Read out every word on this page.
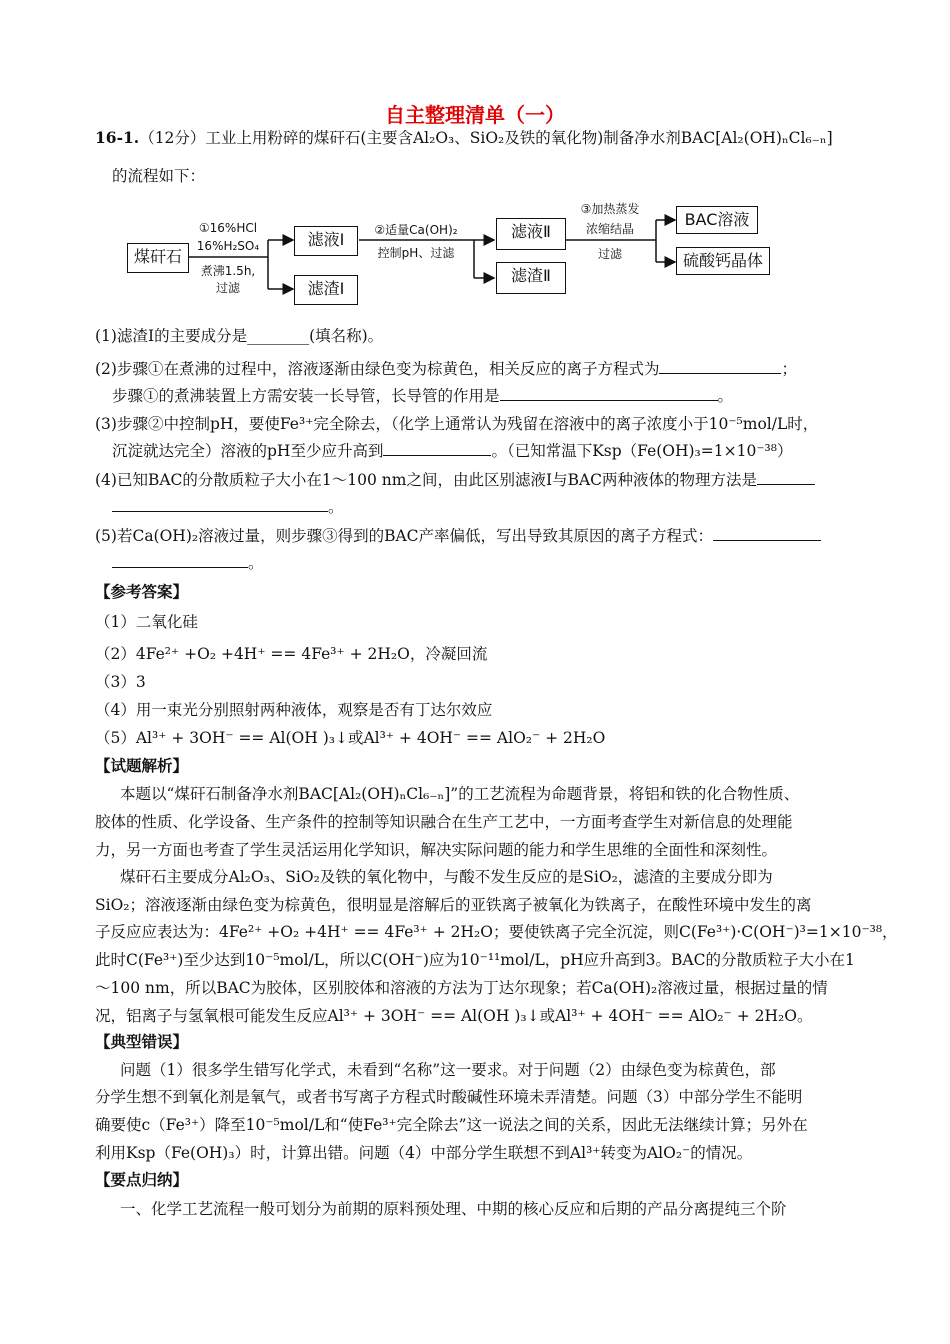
自主整理清单（一）
16-1.（12分）工业上用粉碎的煤矸石(主要含Al₂O₃、SiO₂及铁的氧化物)制备净水剂BAC[Al₂(OH)ₙCl₆₋ₙ]
的流程如下：
煤矸石
滤液Ⅰ
滤渣Ⅰ
滤液Ⅱ
滤渣Ⅱ
BAC溶液
硫酸钙晶体
①16%HCl
16%H₂SO₄
煮沸1.5h,
过滤
②适量Ca(OH)₂
控制pH、过滤
③加热蒸发
浓缩结晶
过滤
(1)滤渣Ⅰ的主要成分是________(填名称)。
(2)步骤①在煮沸的过程中，溶液逐渐由绿色变为棕黄色，相关反应的离子方程式为	；
步骤①的煮沸装置上方需安装一长导管，长导管的作用是	。
(3)步骤②中控制pH，要使Fe³⁺完全除去，（化学上通常认为残留在溶液中的离子浓度小于10⁻⁵mol/L时，
沉淀就达完全）溶液的pH至少应升高到	。（已知常温下Ksp（Fe(OH)₃=1×10⁻³⁸）
(4)已知BAC的分散质粒子大小在1～100 nm之间，由此区别滤液Ⅰ与BAC两种液体的物理方法是
。
(5)若Ca(OH)₂溶液过量，则步骤③得到的BAC产率偏低，写出导致其原因的离子方程式：
。
【参考答案】
（1）二氧化硅
（2）4Fe²⁺ +O₂ +4H⁺ == 4Fe³⁺ + 2H₂O，冷凝回流
（3）3
（4）用一束光分别照射两种液体，观察是否有丁达尔效应
（5）Al³⁺ + 3OH⁻ == Al(OH )₃↓或Al³⁺ + 4OH⁻ == AlO₂⁻ + 2H₂O
【试题解析】
本题以“煤矸石制备净水剂BAC[Al₂(OH)ₙCl₆₋ₙ]”的工艺流程为命题背景，将铝和铁的化合物性质、
胶体的性质、化学设备、生产条件的控制等知识融合在生产工艺中，一方面考查学生对新信息的处理能
力，另一方面也考查了学生灵活运用化学知识，解决实际问题的能力和学生思维的全面性和深刻性。
煤矸石主要成分Al₂O₃、SiO₂及铁的氧化物中，与酸不发生反应的是SiO₂，滤渣的主要成分即为
SiO₂；溶液逐渐由绿色变为棕黄色，很明显是溶解后的亚铁离子被氧化为铁离子，在酸性环境中发生的离
子反应应表达为：4Fe²⁺ +O₂ +4H⁺ == 4Fe³⁺ + 2H₂O；要使铁离子完全沉淀，则C(Fe³⁺)·C(OH⁻)³=1×10⁻³⁸，
此时C(Fe³⁺)至少达到10⁻⁵mol/L，所以C(OH⁻)应为10⁻¹¹mol/L，pH应升高到3。BAC的分散质粒子大小在1
～100 nm，所以BAC为胶体，区别胶体和溶液的方法为丁达尔现象；若Ca(OH)₂溶液过量，根据过量的情
况，铝离子与氢氧根可能发生反应Al³⁺ + 3OH⁻ == Al(OH )₃↓或Al³⁺ + 4OH⁻ == AlO₂⁻ + 2H₂O。
【典型错误】
问题（1）很多学生错写化学式，未看到“名称”这一要求。对于问题（2）由绿色变为棕黄色，部
分学生想不到氧化剂是氧气，或者书写离子方程式时酸碱性环境未弄清楚。问题（3）中部分学生不能明
确要使c（Fe³⁺）降至10⁻⁵mol/L和“使Fe³⁺完全除去”这一说法之间的关系，因此无法继续计算；另外在
利用Ksp（Fe(OH)₃）时，计算出错。问题（4）中部分学生联想不到Al³⁺转变为AlO₂⁻的情况。
【要点归纳】
一、化学工艺流程一般可划分为前期的原料预处理、中期的核心反应和后期的产品分离提纯三个阶
